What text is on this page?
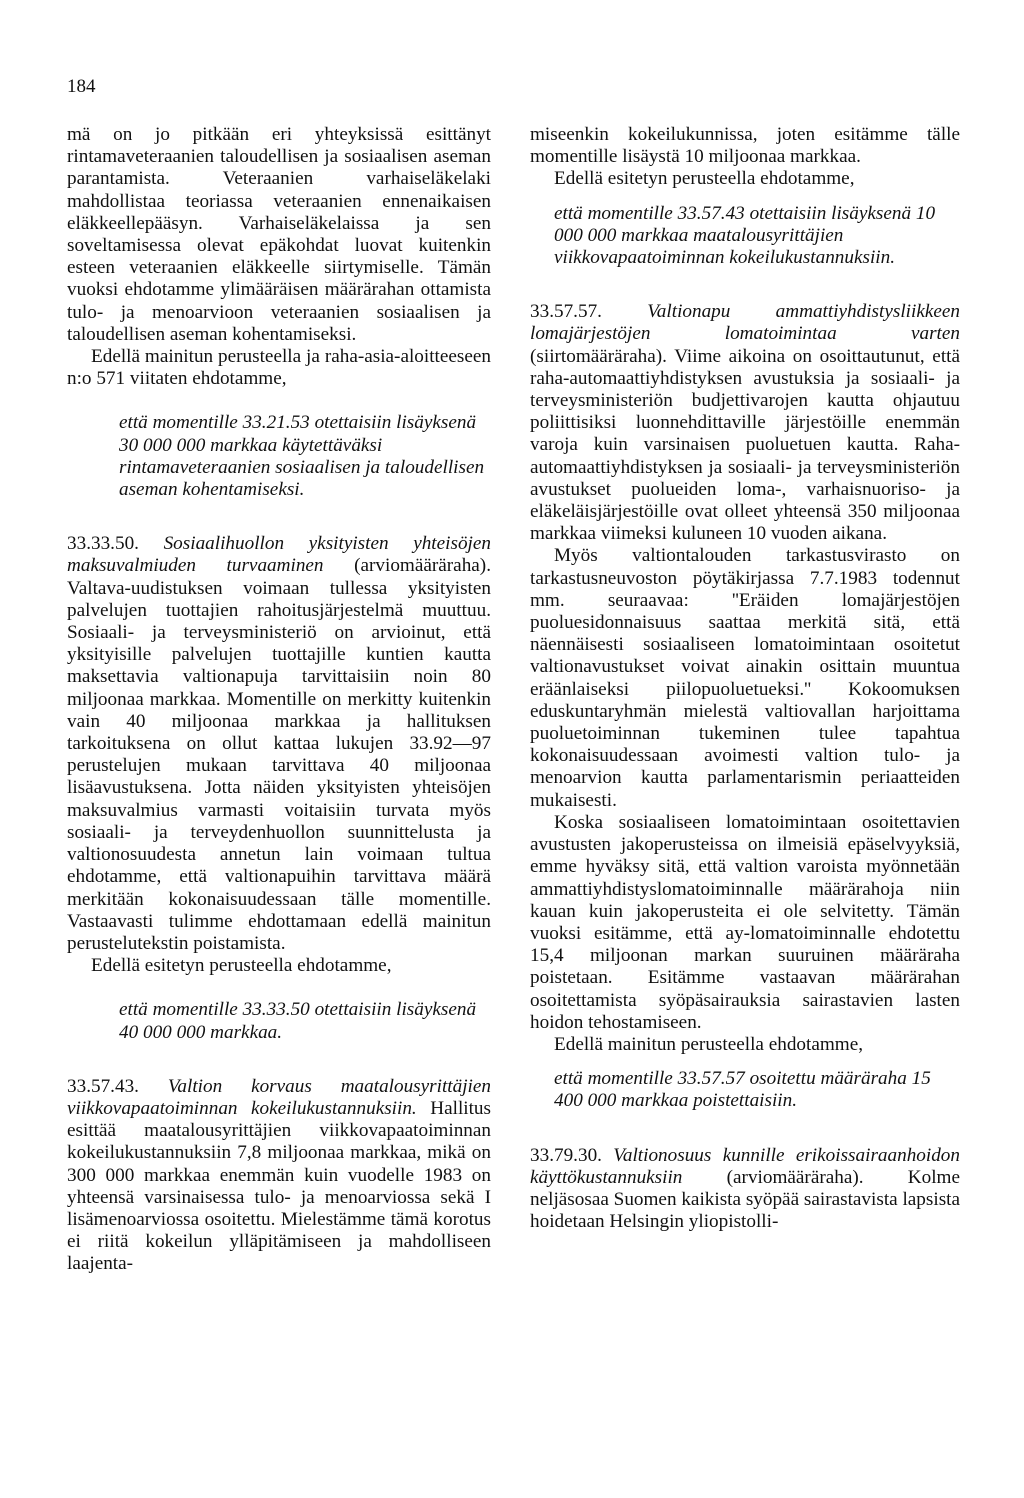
184

mä on jo pitkään eri yhteyksissä esittänyt rintamaveteraanien taloudellisen ja sosiaalisen aseman parantamista. Veteraanien varhaiseläkelaki mahdollistaa teoriassa veteraanien ennenaikaisen eläkkeellepääsyn. Varhaiseläkelaissa ja sen soveltamisessa olevat epäkohdat luovat kuitenkin esteen veteraanien eläkkeelle siirtymiselle. Tämän vuoksi ehdotamme ylimääräisen määrärahan ottamista tulo- ja menoarvioon veteraanien sosiaalisen ja taloudellisen aseman kohentamiseksi.

Edellä mainitun perusteella ja raha-asia-aloitteeseen n:o 571 viitaten ehdotamme,

että momentille 33.21.53 otettaisiin lisäyksenä 30 000 000 markkaa käytettäväksi rintamaveteraanien sosiaalisen ja taloudellisen aseman kohentamiseksi.

33.33.50. Sosiaalihuollon yksityisten yhteisöjen maksuvalmiuden turvaaminen (arviomääräraha). Valtava-uudistuksen voimaan tullessa yksityisten palvelujen tuottajien rahoitusjärjestelmä muuttuu. Sosiaali- ja terveysministeriö on arvioinut, että yksityisille palvelujen tuottajille kuntien kautta maksettavia valtionapuja tarvittaisiin noin 80 miljoonaa markkaa. Momentille on merkitty kuitenkin vain 40 miljoonaa markkaa ja hallituksen tarkoituksena on ollut kattaa lukujen 33.92—97 perustelujen mukaan tarvittava 40 miljoonaa lisäavustuksena. Jotta näiden yksityisten yhteisöjen maksuvalmius varmasti voitaisiin turvata myös sosiaali- ja terveydenhuollon suunnittelusta ja valtionosuudesta annetun lain voimaan tultua ehdotamme, että valtionapuihin tarvittava määrä merkitään kokonaisuudessaan tälle momentille. Vastaavasti tulimme ehdottamaan edellä mainitun perustelutekstin poistamista.

Edellä esitetyn perusteella ehdotamme,

että momentille 33.33.50 otettaisiin lisäyksenä 40 000 000 markkaa.

33.57.43. Valtion korvaus maatalousyrittäjien viikkovapaatoiminnan kokeilukustannuksiin. Hallitus esittää maatalousyrittäjien viikkovapaatoiminnan kokeilukustannuksiin 7,8 miljoonaa markkaa, mikä on 300 000 markkaa enemmän kuin vuodelle 1983 on yhteensä varsinaisessa tulo- ja menoarviossa sekä I lisämenoarviossa osoitettu. Mielestämme tämä korotus ei riitä kokeilun ylläpitämiseen ja mahdolliseen laajenta-

miseenkin kokeilukunnissa, joten esitämme tälle momentille lisäystä 10 miljoonaa markkaa.

Edellä esitetyn perusteella ehdotamme,

että momentille 33.57.43 otettaisiin lisäyksenä 10 000 000 markkaa maatalousyrittäjien viikkovapaatoiminnan kokeilukustannuksiin.

33.57.57. Valtionapu ammattiyhdistysliikkeen lomajärjestöjen lomatoimintaa varten (siirtomääräraha). Viime aikoina on osoittautunut, että raha-automaattiyhdistyksen avustuksia ja sosiaali- ja terveysministeriön budjettivarojen kautta ohjautuu poliittisiksi luonnehdittaville järjestöille enemmän varoja kuin varsinaisen puoluetuen kautta. Raha-automaattiyhdistyksen ja sosiaali- ja terveysministeriön avustukset puolueiden loma-, varhaisnuoriso- ja eläkeläisjärjestöille ovat olleet yhteensä 350 miljoonaa markkaa viimeksi kuluneen 10 vuoden aikana.

Myös valtiontalouden tarkastusvirasto on tarkastusneuvoston pöytäkirjassa 7.7.1983 todennut mm. seuraavaa: ''Eräiden lomajärjestöjen puoluesidonnaisuus saattaa merkitä sitä, että näennäisesti sosiaaliseen lomatoimintaan osoitetut valtionavustukset voivat ainakin osittain muuntua eräänlaiseksi piilopuoluetueksi.'' Kokoomuksen eduskuntaryhmän mielestä valtiovallan harjoittama puoluetoiminnan tukeminen tulee tapahtua kokonaisuudessaan avoimesti valtion tulo- ja menoarvion kautta parlamentarismin periaatteiden mukaisesti.

Koska sosiaaliseen lomatoimintaan osoitettavien avustusten jakoperusteissa on ilmeisiä epäselvyyksiä, emme hyväksy sitä, että valtion varoista myönnetään ammattiyhdistyslomatoiminnalle määrärahoja niin kauan kuin jakoperusteita ei ole selvitetty. Tämän vuoksi esitämme, että ay-lomatoiminnalle ehdotettu 15,4 miljoonan markan suuruinen määräraha poistetaan. Esitämme vastaavan määrärahan osoitettamista syöpäsairauksia sairastavien lasten hoidon tehostamiseen.

Edellä mainitun perusteella ehdotamme,

että momentille 33.57.57 osoitettu määräraha 15 400 000 markkaa poistettaisiin.

33.79.30. Valtionosuus kunnille erikoissairaanhoidon käyttökustannuksiin (arviomääräraha). Kolme neljäsosaa Suomen kaikista syöpää sairastavista lapsista hoidetaan Helsingin yliopistolli-
